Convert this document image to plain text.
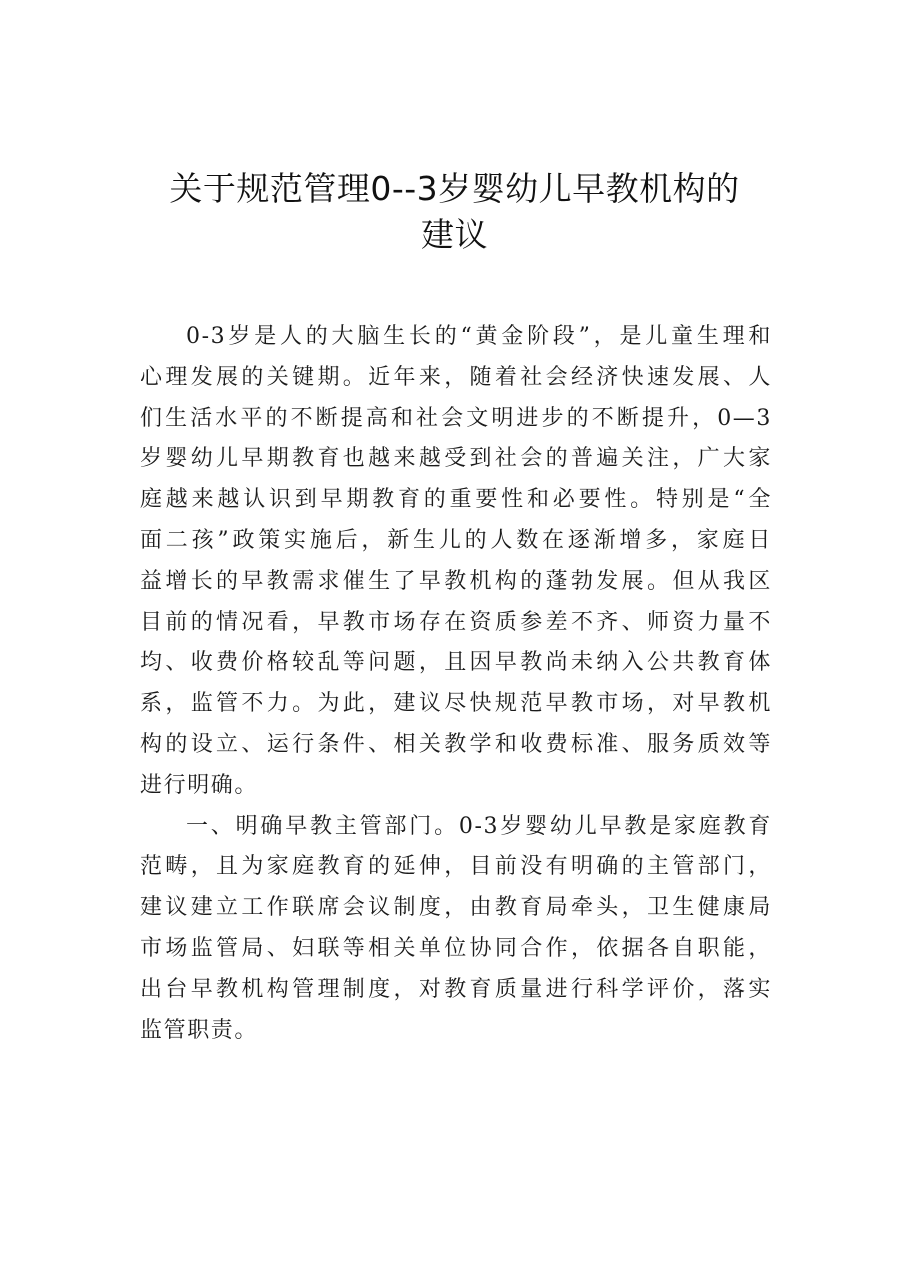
关于规范管理0--3岁婴幼儿早教机构的
建议

0-3岁是人的大脑生长的“黄金阶段”，是儿童生理和
心理发展的关键期。近年来，随着社会经济快速发展、人
们生活水平的不断提高和社会文明进步的不断提升，0—3
岁婴幼儿早期教育也越来越受到社会的普遍关注，广大家
庭越来越认识到早期教育的重要性和必要性。特别是“全
面二孩”政策实施后，新生儿的人数在逐渐增多，家庭日
益增长的早教需求催生了早教机构的蓬勃发展。但从我区
目前的情况看，早教市场存在资质参差不齐、师资力量不
均、收费价格较乱等问题，且因早教尚未纳入公共教育体
系，监管不力。为此，建议尽快规范早教市场，对早教机
构的设立、运行条件、相关教学和收费标准、服务质效等
进行明确。

一、明确早教主管部门。0-3岁婴幼儿早教是家庭教育
范畴，且为家庭教育的延伸，目前没有明确的主管部门，
建议建立工作联席会议制度，由教育局牵头，卫生健康局
市场监管局、妇联等相关单位协同合作，依据各自职能，
出台早教机构管理制度，对教育质量进行科学评价，落实
监管职责。
